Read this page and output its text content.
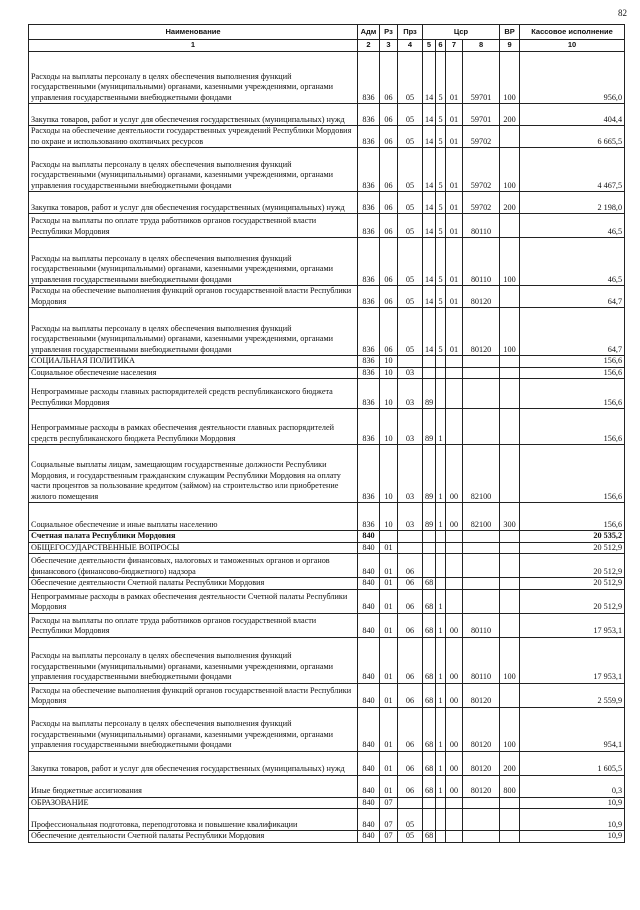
82
Наименование	Адм	Рз	Прз	Цср				ВР	Кассовое исполнение
1	2	3	4	5	6	7	8	9	10
Расходы на выплаты персоналу в целях обеспечения выполнения функций государственными (муниципальными) органами, казенными учреждениями, органами управления государственными внебюджетными фондами	836	06	05	14	5	01	59701	100	956,0
Закупка товаров, работ и услуг для обеспечения государственных (муниципальных) нужд	836	06	05	14	5	01	59701	200	404,4
Расходы на обеспечение деятельности государственных учреждений Республики Мордовия по охране и использованию охотничьих ресурсов	836	06	05	14	5	01	59702		6 665,5
Расходы на выплаты персоналу в целях обеспечения выполнения функций государственными (муниципальными) органами, казенными учреждениями, органами управления государственными внебюджетными фондами	836	06	05	14	5	01	59702	100	4 467,5
Закупка товаров, работ и услуг для обеспечения государственных (муниципальных) нужд	836	06	05	14	5	01	59702	200	2 198,0
Расходы на выплаты по оплате труда работников органов государственной власти Республики Мордовия	836	06	05	14	5	01	80110		46,5
Расходы на выплаты персоналу в целях обеспечения выполнения функций государственными (муниципальными) органами, казенными учреждениями, органами управления государственными внебюджетными фондами	836	06	05	14	5	01	80110	100	46,5
Расходы на обеспечение выполнения функций органов государственной власти Республики Мордовия	836	06	05	14	5	01	80120		64,7
Расходы на выплаты персоналу в целях обеспечения выполнения функций государственными (муниципальными) органами, казенными учреждениями, органами управления государственными внебюджетными фондами	836	06	05	14	5	01	80120	100	64,7
СОЦИАЛЬНАЯ ПОЛИТИКА	836	10							156,6
Социальное обеспечение населения	836	10	03						156,6
Непрограммные расходы главных распорядителей средств республиканского бюджета Республики Мордовия	836	10	03	89					156,6
Непрограммные расходы в рамках обеспечения деятельности главных распорядителей средств республиканского бюджета Республики Мордовия	836	10	03	89	1				156,6
Социальные выплаты лицам, замещающим государственные должности Республики Мордовия, и государственным гражданским служащим Республики Мордовия на оплату части процентов за пользование кредитом (займом) на строительство или приобретение жилого помещения	836	10	03	89	1	00	82100		156,6
Социальное обеспечение и иные выплаты населению	836	10	03	89	1	00	82100	300	156,6
Счетная палата Республики Мордовия	840								20 535,2
ОБЩЕГОСУДАРСТВЕННЫЕ ВОПРОСЫ	840	01							20 512,9
Обеспечение деятельности финансовых, налоговых и таможенных органов и органов финансового (финансово-бюджетного) надзора	840	01	06						20 512,9
Обеспечение деятельности Счетной палаты Республики Мордовия	840	01	06	68					20 512,9
Непрограммные расходы в рамках обеспечения деятельности Счетной палаты Республики Мордовия	840	01	06	68	1				20 512,9
Расходы на выплаты по оплате труда работников органов государственной власти Республики Мордовия	840	01	06	68	1	00	80110		17 953,1
Расходы на выплаты персоналу в целях обеспечения выполнения функций государственными (муниципальными) органами, казенными учреждениями, органами управления государственными внебюджетными фондами	840	01	06	68	1	00	80110	100	17 953,1
Расходы на обеспечение выполнения функций органов государственной власти Республики Мордовия	840	01	06	68	1	00	80120		2 559,9
Расходы на выплаты персоналу в целях обеспечения выполнения функций государственными (муниципальными) органами, казенными учреждениями, органами управления государственными внебюджетными фондами	840	01	06	68	1	00	80120	100	954,1
Закупка товаров, работ и услуг для обеспечения государственных (муниципальных) нужд	840	01	06	68	1	00	80120	200	1 605,5
Иные бюджетные ассигнования	840	01	06	68	1	00	80120	800	0,3
ОБРАЗОВАНИЕ	840	07							10,9
Профессиональная подготовка, переподготовка и повышение квалификации	840	07	05						10,9
Обеспечение деятельности Счетной палаты Республики Мордовия	840	07	05	68					10,9
